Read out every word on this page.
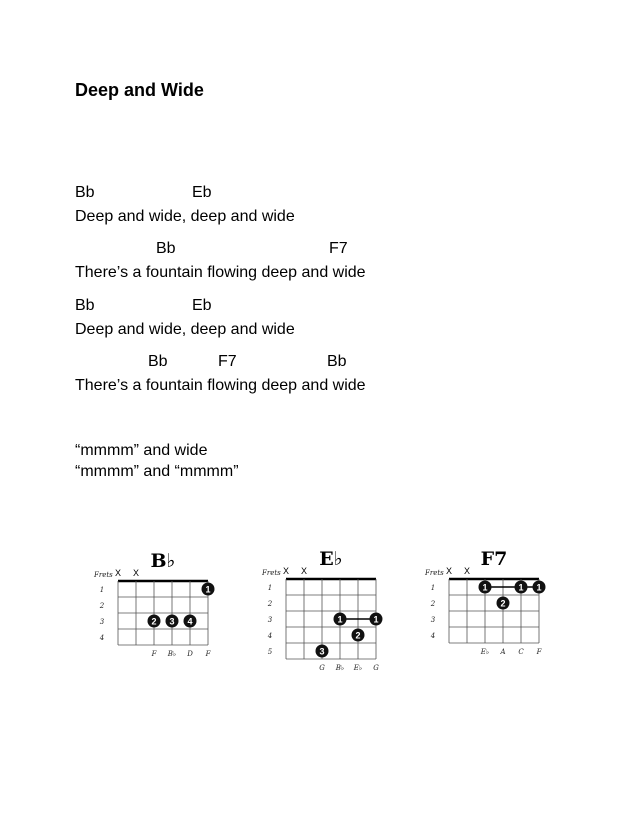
Deep and Wide
Bb	Eb
Deep and wide, deep and wide
Bb	F7
There’s a fountain flowing deep and wide
Bb	Eb
Deep and wide, deep and wide
Bb	F7	Bb
There’s a fountain flowing deep and wide
“mmmm” and wide
“mmmm” and “mmmm”
B♭
Frets X X
1
2
3
4
1
2 3 4
F B♭ D F
E♭
Frets X X
1
2
3
4
5
1	1
2
3
G B♭ E♭ G
F7
Frets X X
1
2
3
4
1	1 1
2
E♭ A C F
